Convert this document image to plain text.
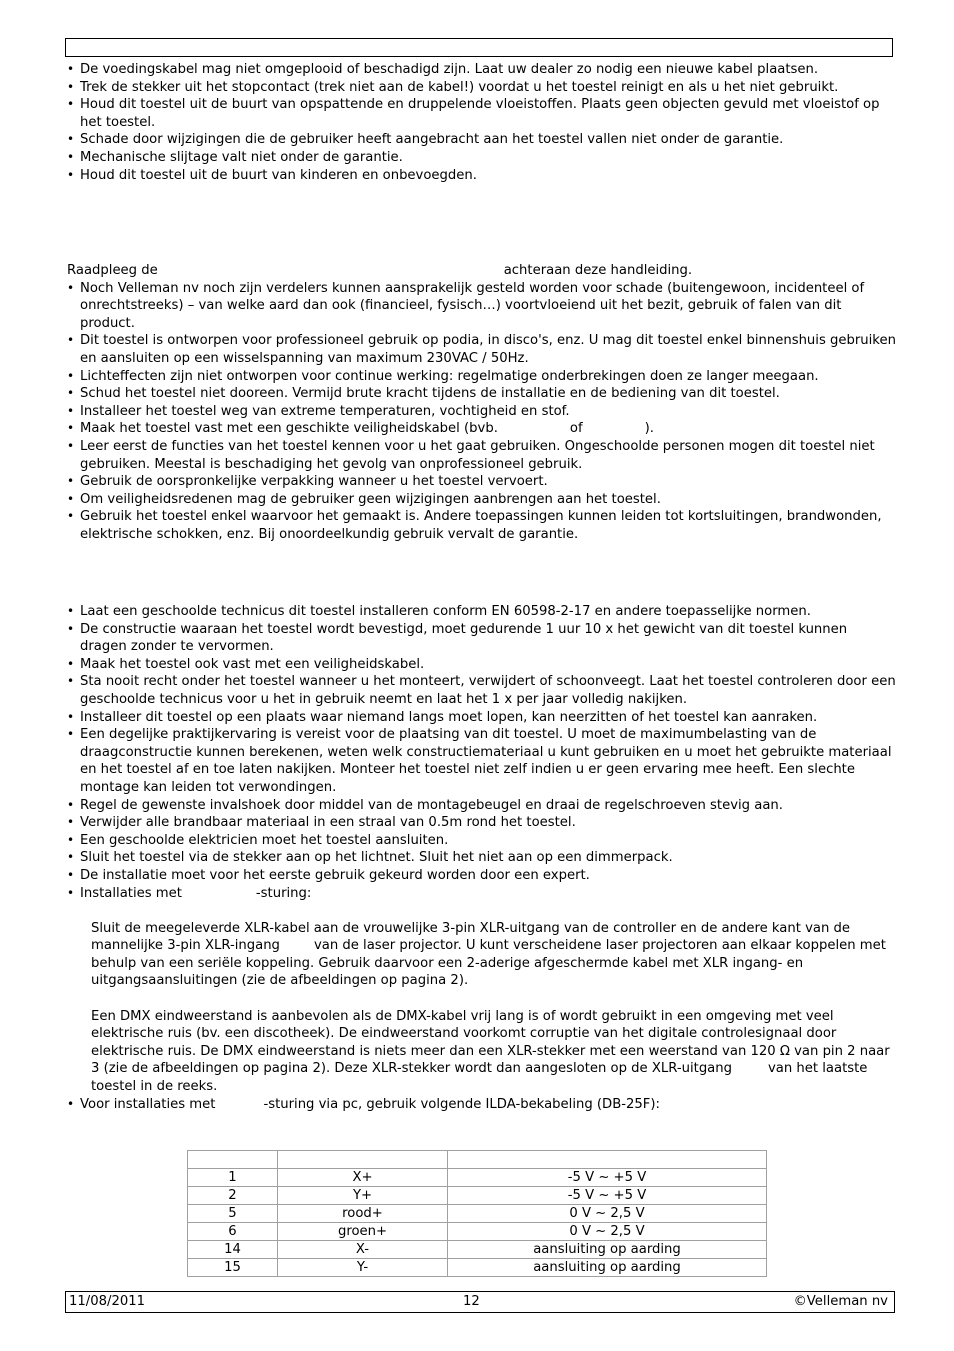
• De voedingskabel mag niet omgeplooid of beschadigd zijn. Laat uw dealer zo nodig een nieuwe kabel plaatsen.

• Trek de stekker uit het stopcontact (trek niet aan de kabel!) voordat u het toestel reinigt en als u het niet gebruikt.

• Houd dit toestel uit de buurt van opspattende en druppelende vloeistoffen. Plaats geen objecten gevuld met vloeistof op het toestel.

• Schade door wijzigingen die de gebruiker heeft aangebracht aan het toestel vallen niet onder de garantie.

• Mechanische slijtage valt niet onder de garantie.

• Houd dit toestel uit de buurt van kinderen en onbevoegden.

Raadpleeg de	achteraan deze handleiding.

• Noch Velleman nv noch zijn verdelers kunnen aansprakelijk gesteld worden voor schade (buitengewoon, incidenteel of onrechtstreeks) – van welke aard dan ook (financieel, fysisch…) voortvloeiend uit het bezit, gebruik of falen van dit product.

• Dit toestel is ontworpen voor professioneel gebruik op podia, in disco's, enz. U mag dit toestel enkel binnenshuis gebruiken en aansluiten op een wisselspanning van maximum 230VAC / 50Hz.

• Lichteffecten zijn niet ontworpen voor continue werking: regelmatige onderbrekingen doen ze langer meegaan.

• Schud het toestel niet dooreen. Vermijd brute kracht tijdens de installatie en de bediening van dit toestel.

• Installeer het toestel weg van extreme temperaturen, vochtigheid en stof.

• Maak het toestel vast met een geschikte veiligheidskabel (bvb.	of	).

• Leer eerst de functies van het toestel kennen voor u het gaat gebruiken. Ongeschoolde personen mogen dit toestel niet gebruiken. Meestal is beschadiging het gevolg van onprofessioneel gebruik.

• Gebruik de oorspronkelijke verpakking wanneer u het toestel vervoert.

• Om veiligheidsredenen mag de gebruiker geen wijzigingen aanbrengen aan het toestel.

• Gebruik het toestel enkel waarvoor het gemaakt is. Andere toepassingen kunnen leiden tot kortsluitingen, brandwonden, elektrische schokken, enz. Bij onoordeelkundig gebruik vervalt de garantie.

• Laat een geschoolde technicus dit toestel installeren conform EN 60598-2-17 en andere toepasselijke normen.

• De constructie waaraan het toestel wordt bevestigd, moet gedurende 1 uur 10 x het gewicht van dit toestel kunnen dragen zonder te vervormen.

• Maak het toestel ook vast met een veiligheidskabel.

• Sta nooit recht onder het toestel wanneer u het monteert, verwijdert of schoonveegt. Laat het toestel controleren door een geschoolde technicus voor u het in gebruik neemt en laat het 1 x per jaar volledig nakijken.

• Installeer dit toestel op een plaats waar niemand langs moet lopen, kan neerzitten of het toestel kan aanraken.

• Een degelijke praktijkervaring is vereist voor de plaatsing van dit toestel. U moet de maximumbelasting van de draagconstructie kunnen berekenen, weten welk constructiemateriaal u kunt gebruiken en u moet het gebruikte materiaal en het toestel af en toe laten nakijken. Monteer het toestel niet zelf indien u er geen ervaring mee heeft. Een slechte montage kan leiden tot verwondingen.

• Regel de gewenste invalshoek door middel van de montagebeugel en draai de regelschroeven stevig aan.

• Verwijder alle brandbaar materiaal in een straal van 0.5m rond het toestel.

• Een geschoolde elektricien moet het toestel aansluiten.

• Sluit het toestel via de stekker aan op het lichtnet. Sluit het niet aan op een dimmerpack.

• De installatie moet voor het eerste gebruik gekeurd worden door een expert.

• Installaties met	-sturing:

Sluit de meegeleverde XLR-kabel aan de vrouwelijke 3-pin XLR-uitgang van de controller en de andere kant van de mannelijke 3-pin XLR-ingang	van de laser projector. U kunt verscheidene laser projectoren aan elkaar koppelen met behulp van een seriële koppeling. Gebruik daarvoor een 2-aderige afgeschermde kabel met XLR ingang- en uitgangsaansluitingen (zie de afbeeldingen op pagina 2).

Een DMX eindweerstand is aanbevolen als de DMX-kabel vrij lang is of wordt gebruikt in een omgeving met veel elektrische ruis (bv. een discotheek). De eindweerstand voorkomt corruptie van het digitale controlesignaal door elektrische ruis. De DMX eindweerstand is niets meer dan een XLR-stekker met een weerstand van 120 Ω van pin 2 naar 3 (zie de afbeeldingen op pagina 2). Deze XLR-stekker wordt dan aangesloten op de XLR-uitgang	van het laatste toestel in de reeks.

• Voor installaties met	-sturing via pc, gebruik volgende ILDA-bekabeling (DB-25F):

1	X+	-5 V ~ +5 V
2	Y+	-5 V ~ +5 V
5	rood+	0 V ~ 2,5 V
6	groen+	0 V ~ 2,5 V
14	X-	aansluiting op aarding
15	Y-	aansluiting op aarding
11/08/2011	12	©Velleman nv
